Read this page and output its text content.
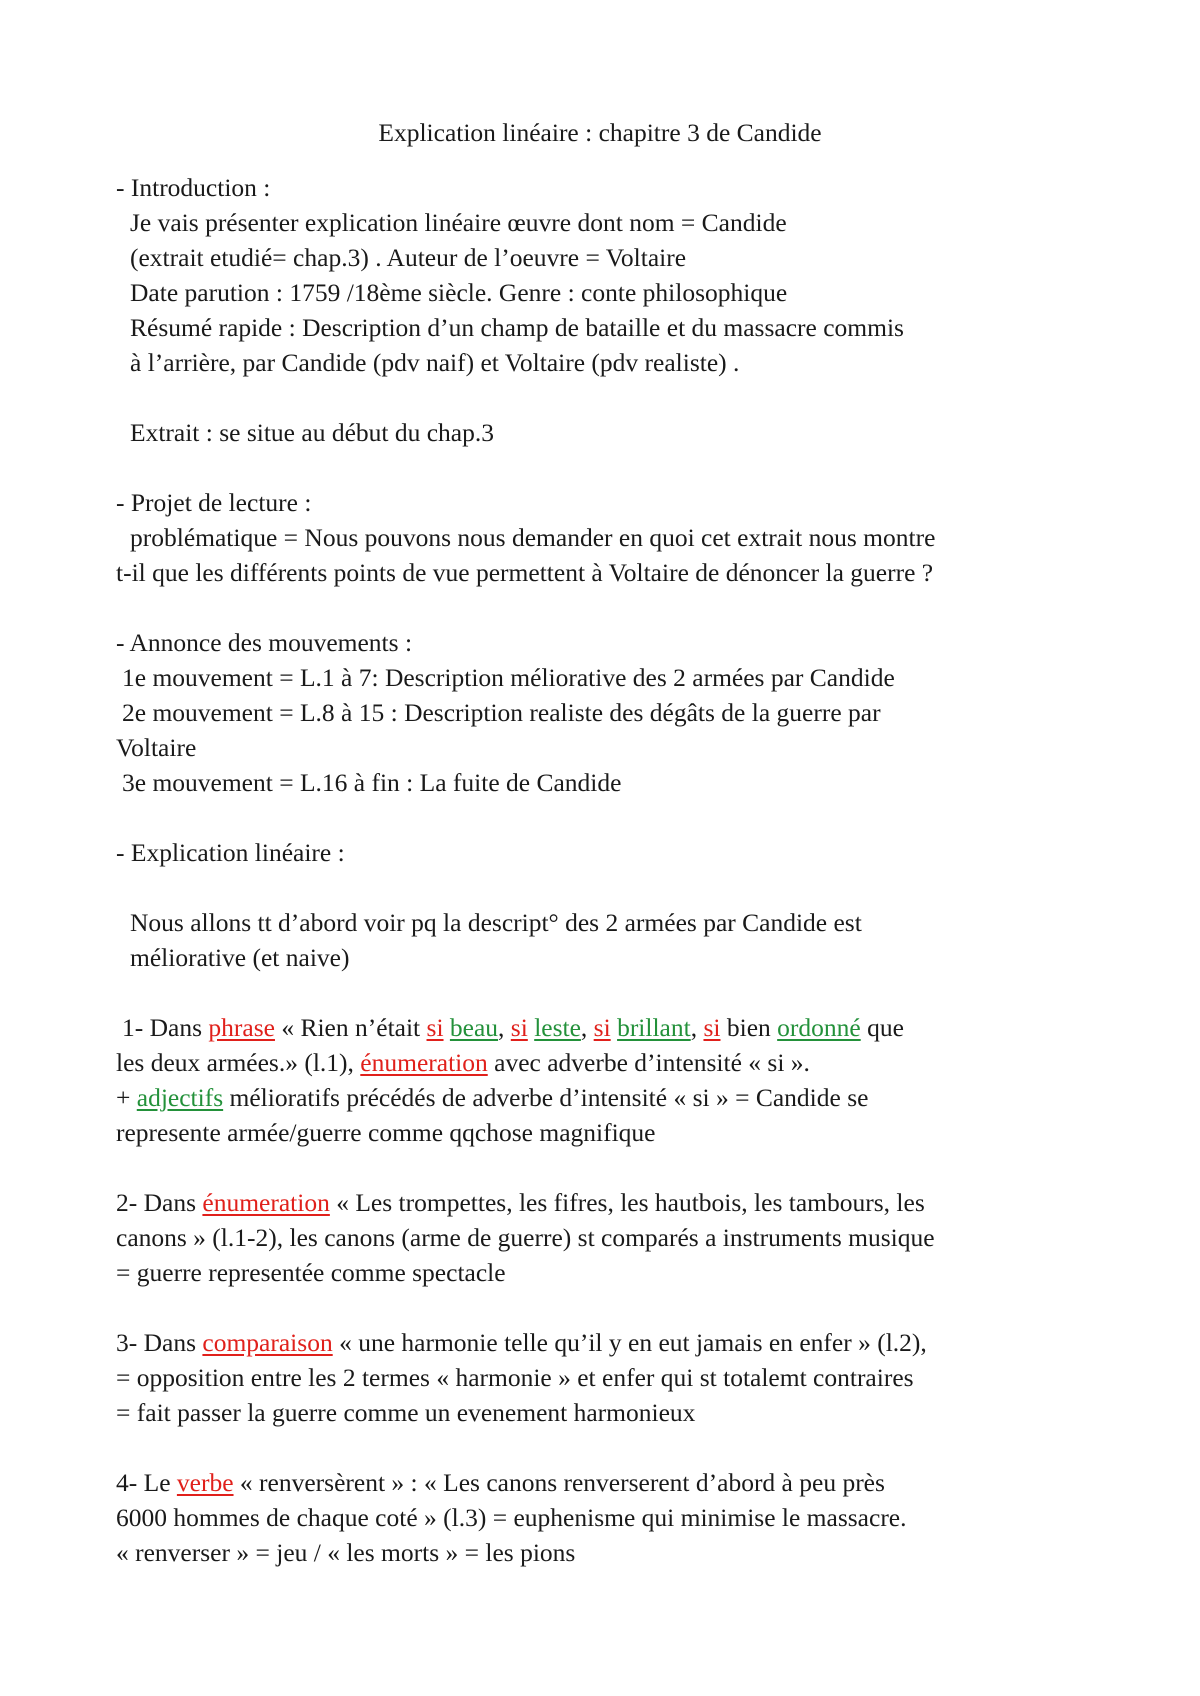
Explication linéaire : chapitre 3 de Candide

- Introduction :

Je vais présenter explication linéaire œuvre dont nom = Candide

(extrait etudié= chap.3) . Auteur de l’oeuvre = Voltaire

Date parution : 1759 /18ème siècle. Genre : conte philosophique

Résumé rapide : Description d’un champ de bataille et du massacre commis

à l’arrière, par Candide (pdv naif) et Voltaire (pdv realiste) .

Extrait : se situe au début du chap.3

- Projet de lecture :

problématique = Nous pouvons nous demander en quoi cet extrait nous montre

t-il que les différents points de vue permettent à Voltaire de dénoncer la guerre ?

- Annonce des mouvements :

1e mouvement = L.1 à 7: Description méliorative des 2 armées par Candide

2e mouvement = L.8 à 15 : Description realiste des dégâts de la guerre par

Voltaire

3e mouvement = L.16 à fin : La fuite de Candide

- Explication linéaire :

Nous allons tt d’abord voir pq la descript° des 2 armées par Candide est

méliorative (et naive)

1- Dans phrase « Rien n’était si beau, si leste, si brillant, si bien ordonné que

les deux armées.» (l.1), énumeration avec adverbe d’intensité « si ».

+ adjectifs mélioratifs précédés de adverbe d’intensité « si » = Candide se

represente armée/guerre comme qqchose magnifique

2- Dans énumeration « Les trompettes, les fifres, les hautbois, les tambours, les

canons » (l.1-2), les canons (arme de guerre) st comparés a instruments musique

= guerre representée comme spectacle

3- Dans comparaison « une harmonie telle qu’il y en eut jamais en enfer » (l.2),

= opposition entre les 2 termes « harmonie » et enfer qui st totalemt contraires

= fait passer la guerre comme un evenement harmonieux

4- Le verbe « renversèrent » : « Les canons renverserent d’abord à peu près

6000 hommes de chaque coté » (l.3) = euphenisme qui minimise le massacre.

« renverser » = jeu / « les morts » = les pions
